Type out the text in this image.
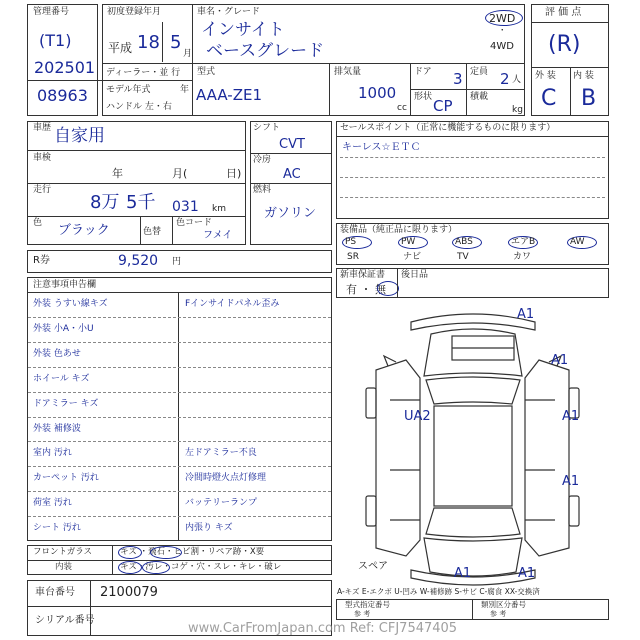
管理番号
(T1)
202501
08963
初度登録年月
平成 18 5
月
車名・グレード
インサイト
ベースグレード
2WD
・
4WD
ディーラー・並 行
モデル年式	年
ハンドル 左・右
型式
AAA-ZE1
排気量
1000
cc
ドア 3
形状 CP
定員 2 人
積載
kg
評 価 点
(R)
外 装 内 装
C B
車歴 自家用
車検
年	月(	日)
走行
8万 5千 031 km
色 ブラック	色替
色コード
フメイ
シフト
CVT
冷房
AC
燃料
ガソリン
R券	9,520 円
セールスポイント（正常に機能するものに限ります）
キーレス☆ＥＴＣ
装備品（純正品に限ります）
PS	PW	ABS	エアB	AW
SR	ナビ	TV	カワ
新車保証書
有 ・ 無
後日品
注意事項申告欄
外装 うすい線キズ	Fインサイドパネル歪み
外装 小A・小U
外装 色あせ
ホイール キズ
ドアミラー キズ
外装 補修波
室内 汚れ	左ドアミラー不良
カーペット 汚れ	冷間時燈火点灯修理
荷室 汚れ	バッテリーランプ
シート 汚れ	内張り キズ
フロントガラス	キズ ・飛石・ヒビ割・リペア跡・X要
内装	キズ・汚レ・コゲ・穴・スレ・キレ・破レ
車台番号 2100079
シリアル番号
A1
A1
UA2	A1
A1
A1	A1
スペア
A-キズ E-エクボ U-凹み W-補修跡 S-サビ C-腐食 XX-交換済
型式指定番号
参 考
類別区分番号
参 考
www.CarFromJapan.com Ref: CFJ7547405
